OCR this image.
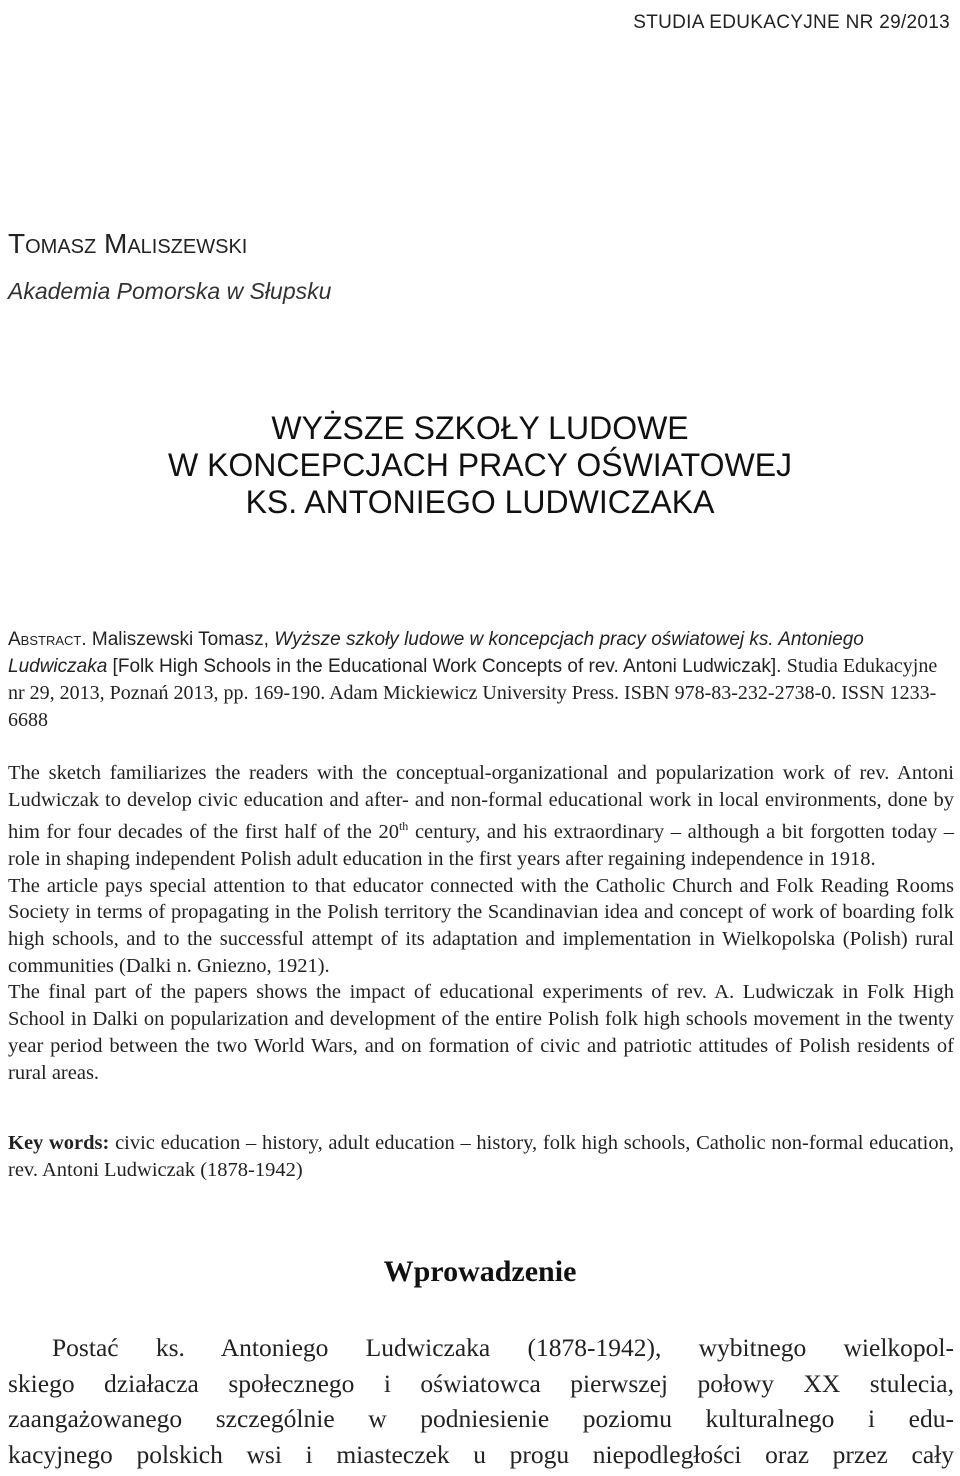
STUDIA EDUKACYJNE NR 29/2013
Tomasz Maliszewski
Akademia Pomorska w Słupsku
WYŻSZE SZKOŁY LUDOWE
W KONCEPCJACH PRACY OŚWIATOWEJ
KS. ANTONIEGO LUDWICZAKA
Abstract. Maliszewski Tomasz, Wyższe szkoły ludowe w koncepcjach pracy oświatowej ks. Antoniego Ludwiczaka [Folk High Schools in the Educational Work Concepts of rev. Antoni Ludwiczak]. Studia Edukacyjne nr 29, 2013, Poznań 2013, pp. 169-190. Adam Mickiewicz University Press. ISBN 978-83-232-2738-0. ISSN 1233-6688

The sketch familiarizes the readers with the conceptual-organizational and popularization work of rev. Antoni Ludwiczak to develop civic education and after- and non-formal educational work in local environments, done by him for four decades of the first half of the 20th century, and his extraordinary – although a bit forgotten today – role in shaping independent Polish adult education in the first years after regaining independence in 1918.

The article pays special attention to that educator connected with the Catholic Church and Folk Reading Rooms Society in terms of propagating in the Polish territory the Scandinavian idea and concept of work of boarding folk high schools, and to the successful attempt of its adaptation and implementation in Wielkopolska (Polish) rural communities (Dalki n. Gniezno, 1921).

The final part of the papers shows the impact of educational experiments of rev. A. Ludwiczak in Folk High School in Dalki on popularization and development of the entire Polish folk high schools movement in the twenty year period between the two World Wars, and on formation of civic and patriotic attitudes of Polish residents of rural areas.

Key words: civic education – history, adult education – history, folk high schools, Catholic non-formal education, rev. Antoni Ludwiczak (1878-1942)
Wprowadzenie
Postać ks. Antoniego Ludwiczaka (1878-1942), wybitnego wielkopol-
skiego działacza społecznego i oświatowca pierwszej połowy XX stulecia,
zaangażowanego szczególnie w podniesienie poziomu kulturalnego i edu-
kacyjnego polskich wsi i miasteczek u progu niepodległości oraz przez cały
